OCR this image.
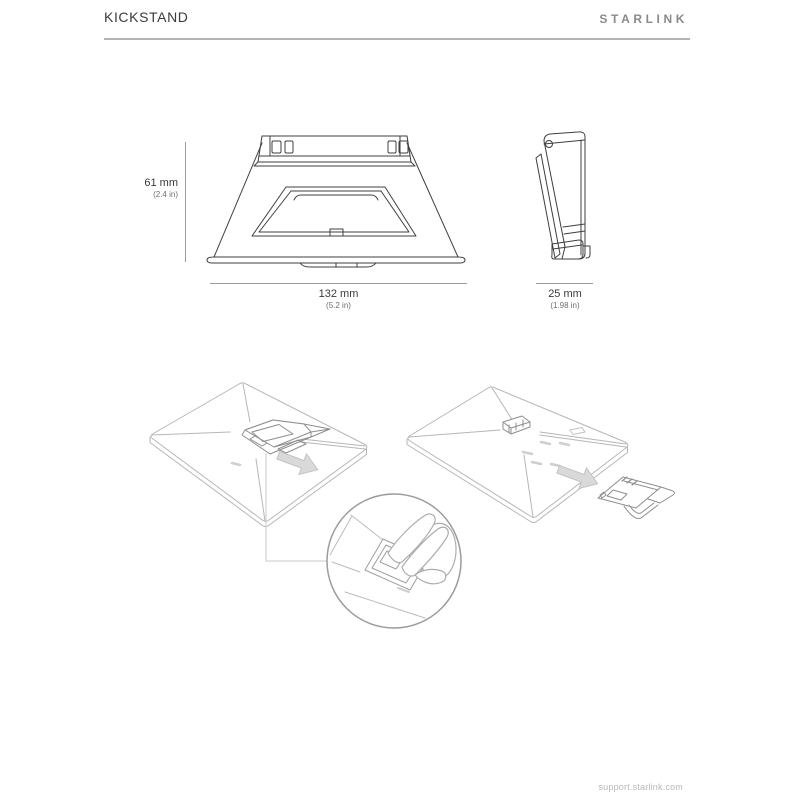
KICKSTAND	STARLINK
61 mm
(2.4 in)
132 mm
(5.2 in)
25 mm
(1.98 in)
support.starlink.com
